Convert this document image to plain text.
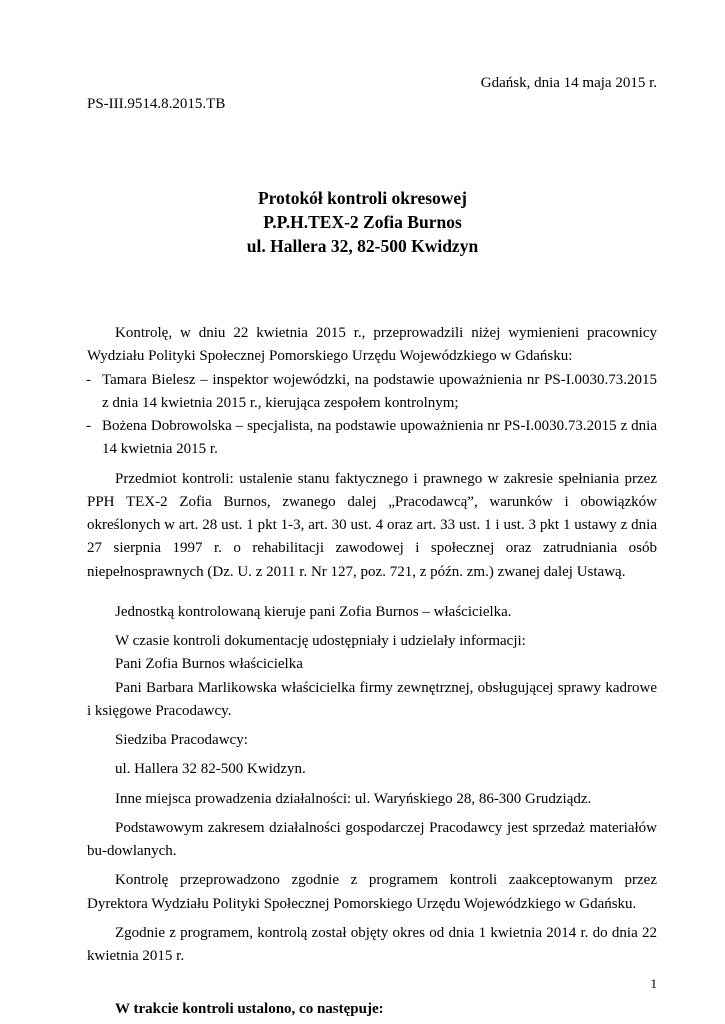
Gdańsk, dnia 14 maja 2015 r.
PS-III.9514.8.2015.TB
Protokół kontroli okresowej
P.P.H.TEX-2 Zofia Burnos
ul. Hallera 32, 82-500 Kwidzyn

Kontrolę, w dniu 22 kwietnia 2015 r., przeprowadzili niżej wymienieni pracownicy Wydziału Polityki Społecznej Pomorskiego Urzędu Wojewódzkiego w Gdańsku:

- Tamara Bielesz – inspektor wojewódzki, na podstawie upoważnienia nr PS-I.0030.73.2015 z dnia 14 kwietnia 2015 r., kierująca zespołem kontrolnym;
- Bożena Dobrowolska – specjalista, na podstawie upoważnienia nr PS-I.0030.73.2015 z dnia 14 kwietnia 2015 r.

Przedmiot kontroli: ustalenie stanu faktycznego i prawnego w zakresie spełniania przez PPH TEX-2 Zofia Burnos, zwanego dalej „Pracodawcą”, warunków i obowiązków określonych w art. 28 ust. 1 pkt 1-3, art. 30 ust. 4 oraz art. 33 ust. 1 i ust. 3 pkt 1 ustawy z dnia 27 sierpnia 1997 r. o rehabilitacji zawodowej i społecznej oraz zatrudniania osób niepełnosprawnych (Dz. U. z 2011 r. Nr 127, poz. 721, z późn. zm.) zwanej dalej Ustawą.

Jednostką kontrolowaną kieruje pani Zofia Burnos – właścicielka.

W czasie kontroli dokumentację udostępniały i udzielały informacji:

Pani Zofia Burnos właścicielka

Pani Barbara Marlikowska właścicielka firmy zewnętrznej, obsługującej sprawy kadrowe i księgowe Pracodawcy.

Siedziba Pracodawcy:

ul. Hallera 32 82-500 Kwidzyn.

Inne miejsca prowadzenia działalności: ul. Waryńskiego 28, 86-300 Grudziądz.

Podstawowym zakresem działalności gospodarczej Pracodawcy jest sprzedaż materiałów bu-dowlanych.

Kontrolę przeprowadzono zgodnie z programem kontroli zaakceptowanym przez Dyrektora Wydziału Polityki Społecznej Pomorskiego Urzędu Wojewódzkiego w Gdańsku.

Zgodnie z programem, kontrolą został objęty okres od dnia 1 kwietnia 2014 r. do dnia 22 kwietnia 2015 r.

W trakcie kontroli ustalono, co następuje:

1
